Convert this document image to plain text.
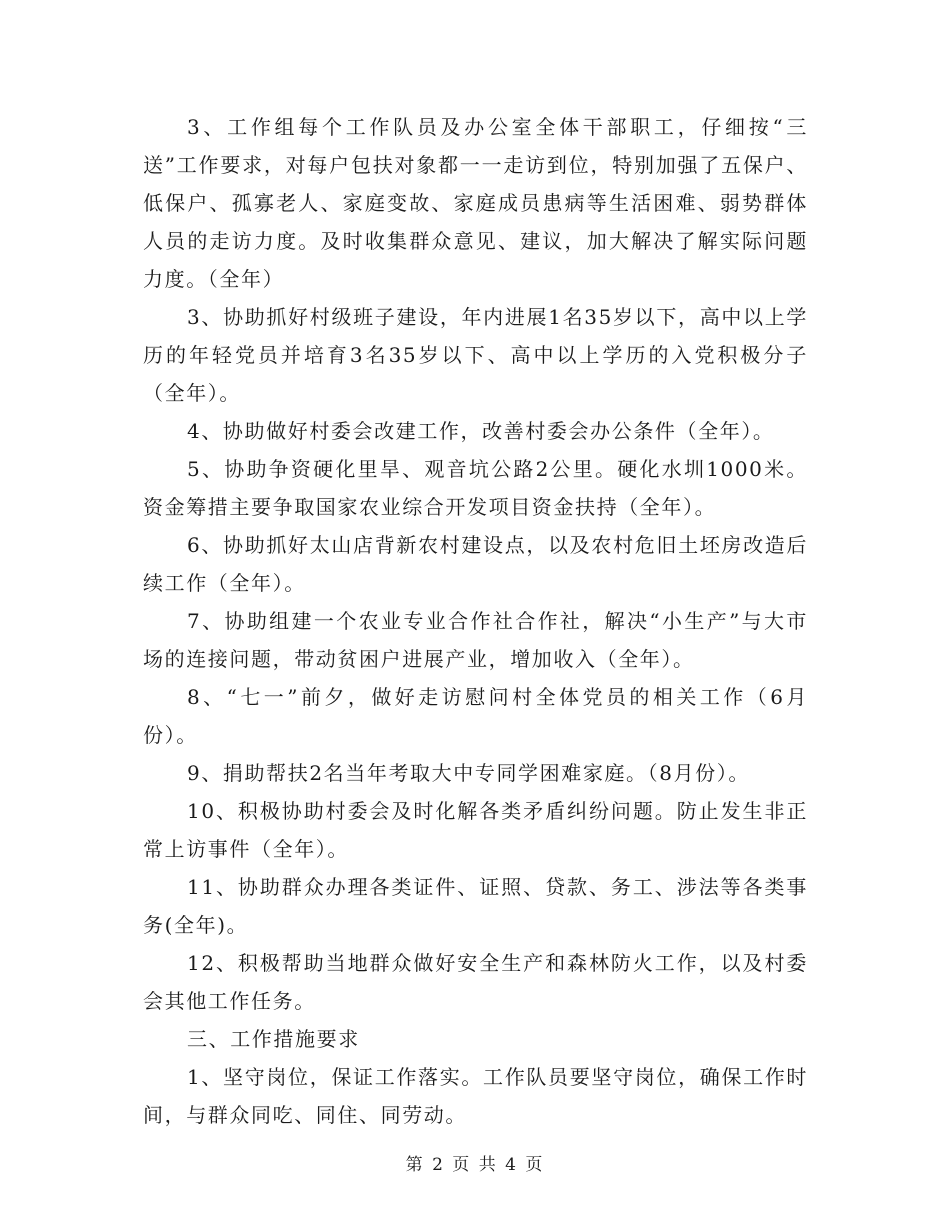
3、工作组每个工作队员及办公室全体干部职工，仔细按“三送”工作要求，对每户包扶对象都一一走访到位，特别加强了五保户、低保户、孤寡老人、家庭变故、家庭成员患病等生活困难、弱势群体人员的走访力度。及时收集群众意见、建议，加大解决了解实际问题力度。（全年）

3、协助抓好村级班子建设，年内进展1名35岁以下，高中以上学历的年轻党员并培育3名35岁以下、高中以上学历的入党积极分子（全年）。

4、协助做好村委会改建工作，改善村委会办公条件（全年）。

5、协助争资硬化里旱、观音坑公路2公里。硬化水圳1000米。资金筹措主要争取国家农业综合开发项目资金扶持（全年）。

6、协助抓好太山店背新农村建设点，以及农村危旧土坯房改造后续工作（全年）。

7、协助组建一个农业专业合作社合作社，解决“小生产”与大市场的连接问题，带动贫困户进展产业，增加收入（全年）。

8、“七一”前夕，做好走访慰问村全体党员的相关工作（6月份）。

9、捐助帮扶2名当年考取大中专同学困难家庭。（8月份）。

10、积极协助村委会及时化解各类矛盾纠纷问题。防止发生非正常上访事件（全年）。

11、协助群众办理各类证件、证照、贷款、务工、涉法等各类事务(全年)。

12、积极帮助当地群众做好安全生产和森林防火工作，以及村委会其他工作任务。

三、工作措施要求

1、坚守岗位，保证工作落实。工作队员要坚守岗位，确保工作时间，与群众同吃、同住、同劳动。

第 2 页 共 4 页
